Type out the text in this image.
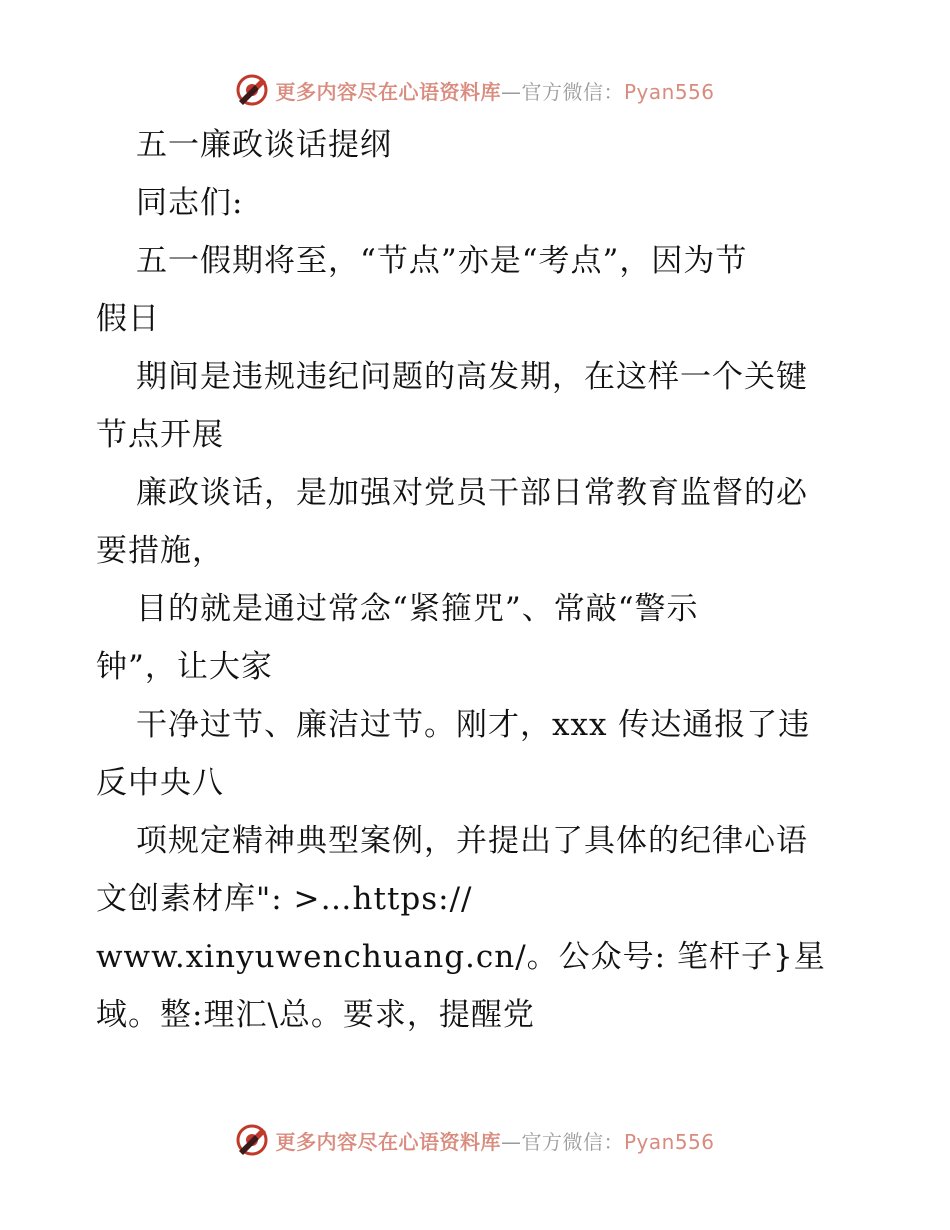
更多内容尽在心语资料库—官方微信：Pyan556
五一廉政谈话提纲
同志们:
五一假期将至，“节点”亦是“考点”，因为节
假日
期间是违规违纪问题的高发期，在这样一个关键
节点开展
廉政谈话，是加强对党员干部日常教育监督的必
要措施，
目的就是通过常念“紧箍咒”、常敲“警示
钟”，让大家
干净过节、廉洁过节。刚才，xxx 传达通报了违
反中央八
项规定精神典型案例，并提出了具体的纪律心语
文创素材库": >…https://
www.xinyuwenchuang.cn/。公众号: 笔杆子}星
域。整:理汇\总。要求，提醒党
更多内容尽在心语资料库—官方微信：Pyan556
